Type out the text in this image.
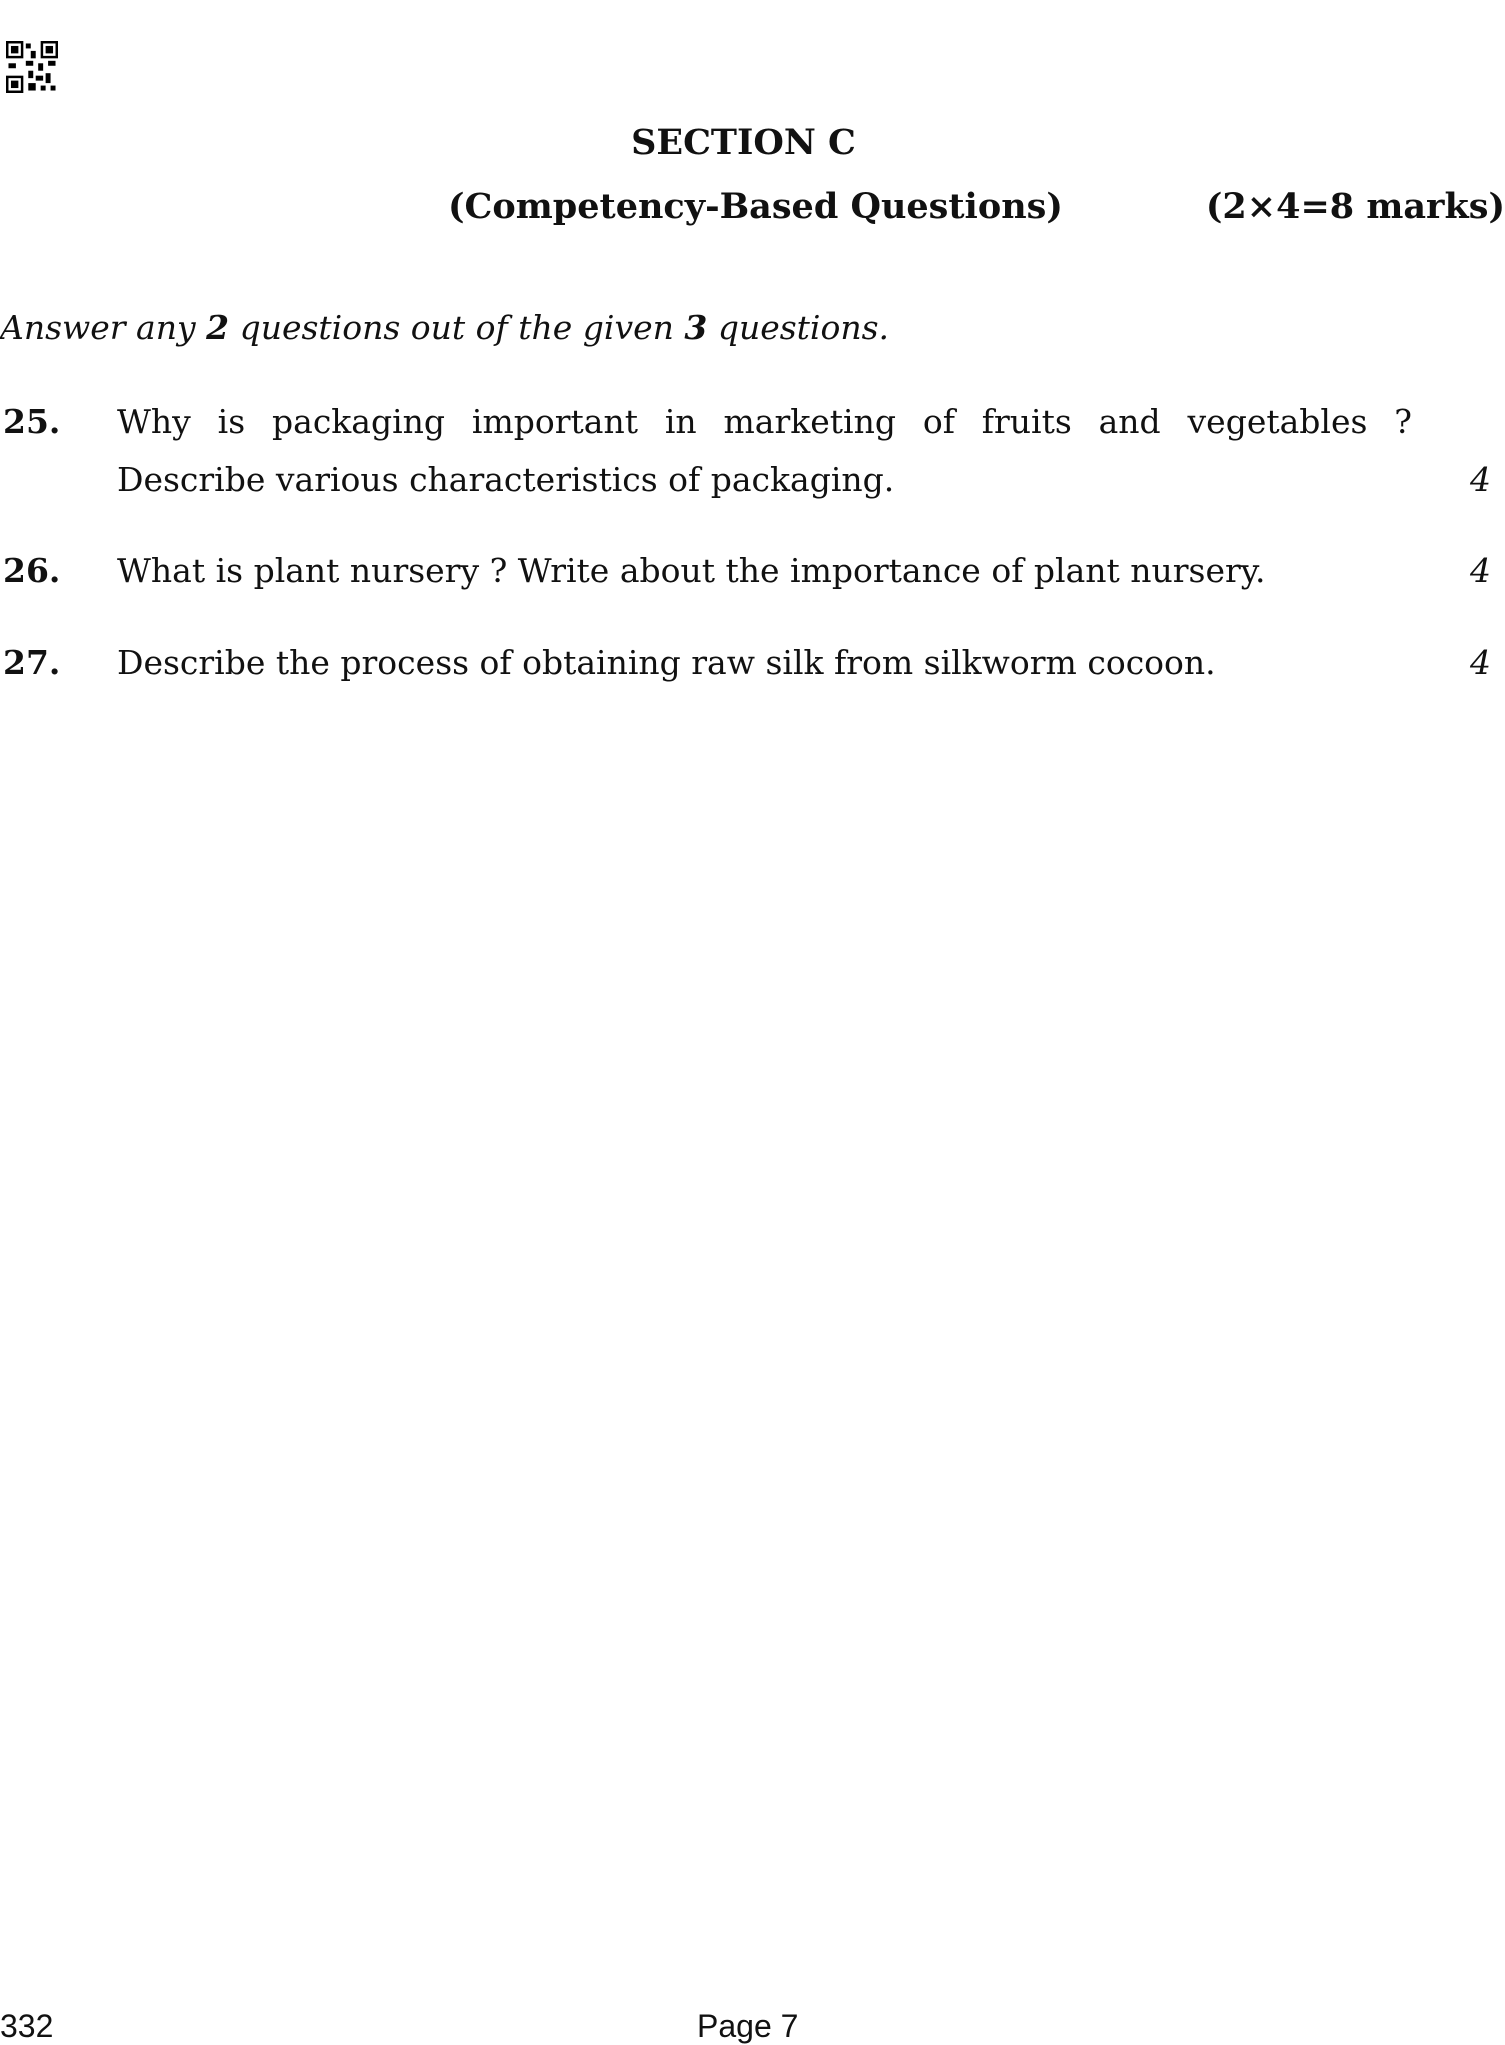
SECTION C
(Competency-Based Questions)	(2×4=8 marks)
Answer any 2 questions out of the given 3 questions.
25. Why is packaging important in marketing of fruits and vegetables ?
Describe various characteristics of packaging.	4
26. What is plant nursery ? Write about the importance of plant nursery.	4
27. Describe the process of obtaining raw silk from silkworm cocoon.	4
332	Page 7
